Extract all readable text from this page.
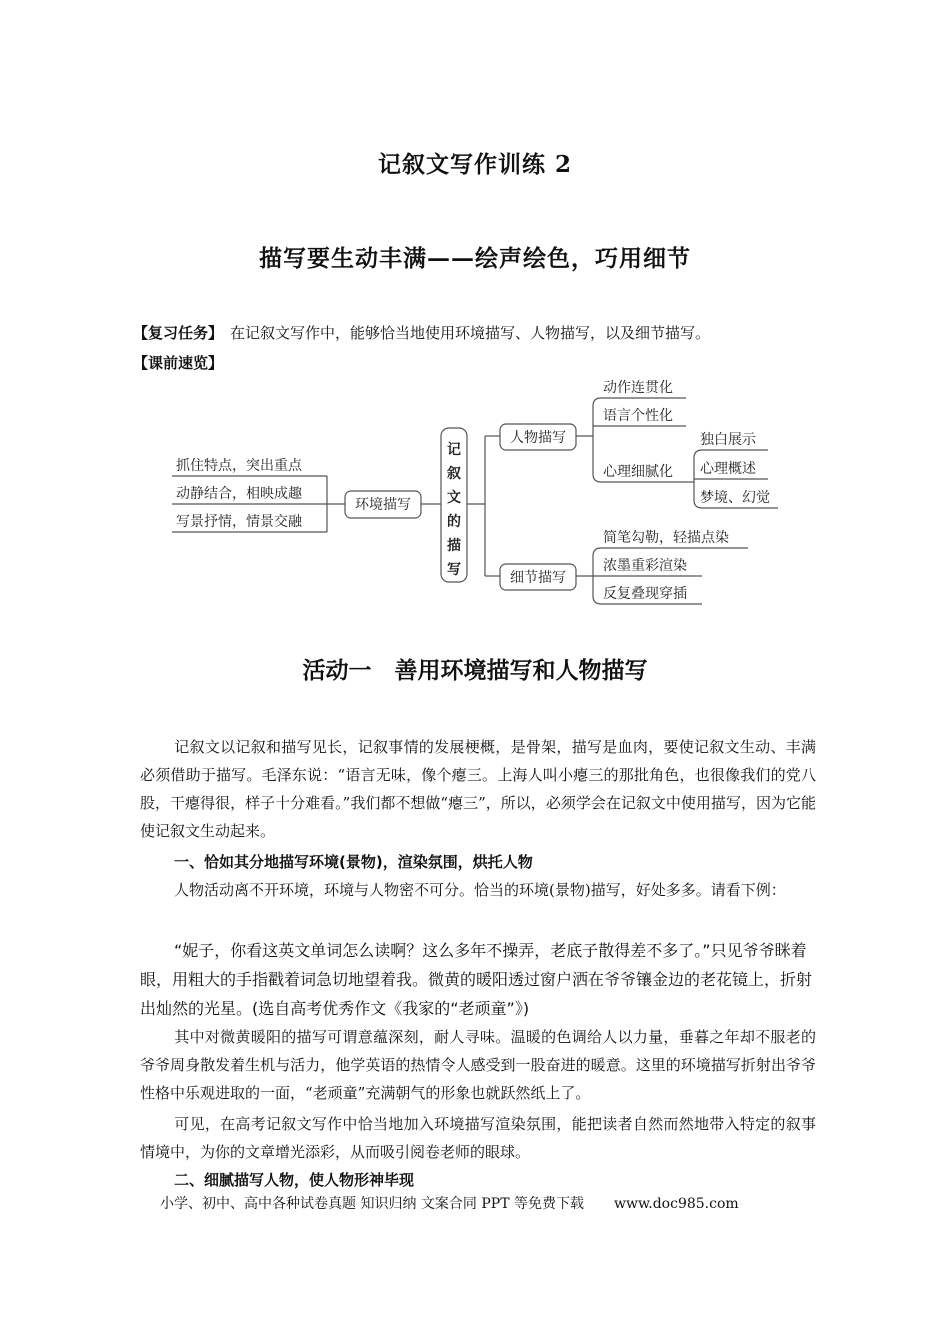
记叙文写作训练 2
描写要生动丰满——绘声绘色，巧用细节
【复习任务】 在记叙文写作中，能够恰当地使用环境描写、人物描写，以及细节描写。
【课前速览】
记
叙
文
的
描
写
环境描写
抓住特点，突出重点
动静结合，相映成趣
写景抒情，情景交融
人物描写
动作连贯化
语言个性化
心理细腻化
独白展示
心理概述
梦境、幻觉
细节描写
简笔勾勒，轻描点染
浓墨重彩渲染
反复叠现穿插
活动一　善用环境描写和人物描写
记叙文以记叙和描写见长，记叙事情的发展梗概，是骨架，描写是血肉，要使记叙文生动、丰满必须借助于描写。毛泽东说：“语言无味，像个瘪三。上海人叫小瘪三的那批角色，也很像我们的党八股，干瘪得很，样子十分难看。”我们都不想做“瘪三”，所以，必须学会在记叙文中使用描写，因为它能使记叙文生动起来。
一、恰如其分地描写环境(景物)，渲染氛围，烘托人物
人物活动离不开环境，环境与人物密不可分。恰当的环境(景物)描写，好处多多。请看下例：
“妮子，你看这英文单词怎么读啊？这么多年不操弄，老底子散得差不多了。”只见爷爷眯着眼，用粗大的手指戳着词急切地望着我。微黄的暖阳透过窗户洒在爷爷镶金边的老花镜上，折射出灿然的光星。(选自高考优秀作文《我家的“老顽童”》)
其中对微黄暖阳的描写可谓意蕴深刻，耐人寻味。温暖的色调给人以力量，垂暮之年却不服老的爷爷周身散发着生机与活力，他学英语的热情令人感受到一股奋进的暖意。这里的环境描写折射出爷爷性格中乐观进取的一面，“老顽童”充满朝气的形象也就跃然纸上了。
可见，在高考记叙文写作中恰当地加入环境描写渲染氛围，能把读者自然而然地带入特定的叙事情境中，为你的文章增光添彩，从而吸引阅卷老师的眼球。
二、细腻描写人物，使人物形神毕现
小学、初中、高中各种试卷真题 知识归纳 文案合同 PPT 等免费下载 www.doc985.com
